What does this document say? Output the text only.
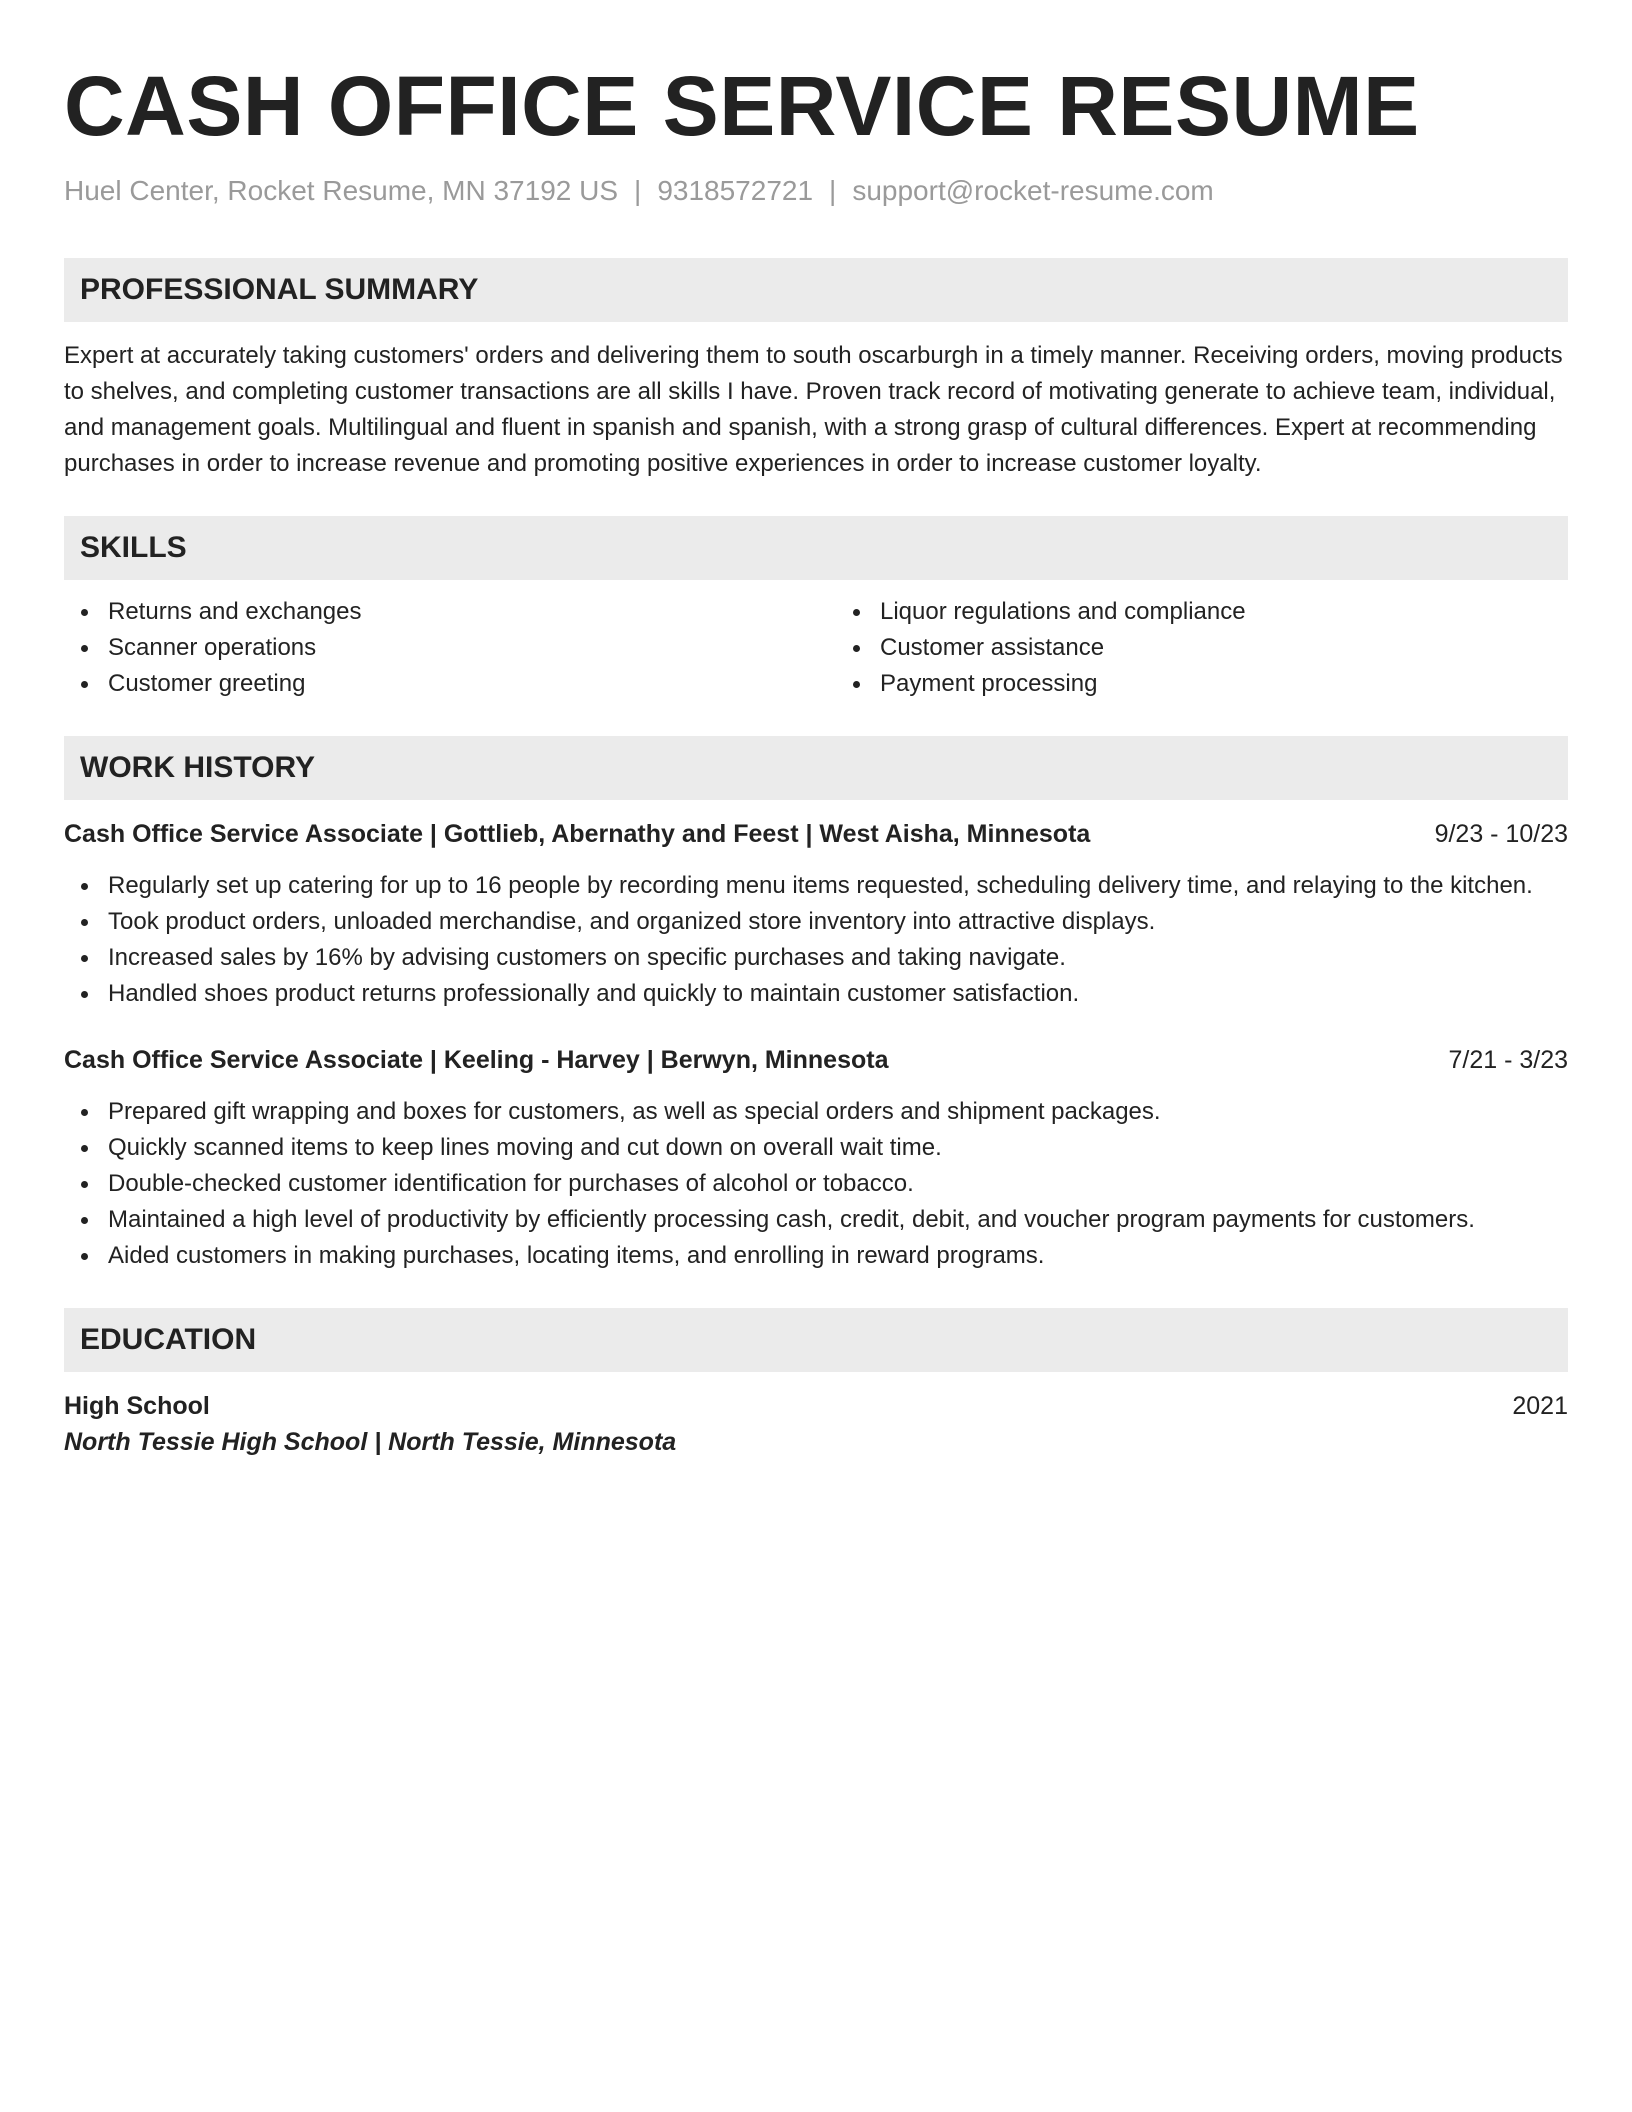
CASH OFFICE SERVICE RESUME
Huel Center, Rocket Resume, MN 37192 US | 9318572721 | support@rocket-resume.com
PROFESSIONAL SUMMARY

Expert at accurately taking customers' orders and delivering them to south oscarburgh in a timely manner. Receiving orders, moving products to shelves, and completing customer transactions are all skills I have. Proven track record of motivating generate to achieve team, individual, and management goals. Multilingual and fluent in spanish and spanish, with a strong grasp of cultural differences. Expert at recommending purchases in order to increase revenue and promoting positive experiences in order to increase customer loyalty.

SKILLS
Returns and exchanges
Scanner operations
Customer greeting
Liquor regulations and compliance
Customer assistance
Payment processing
WORK HISTORY
Cash Office Service Associate | Gottlieb, Abernathy and Feest | West Aisha, Minnesota	9/23 - 10/23
Regularly set up catering for up to 16 people by recording menu items requested, scheduling delivery time, and relaying to the kitchen.
Took product orders, unloaded merchandise, and organized store inventory into attractive displays.
Increased sales by 16% by advising customers on specific purchases and taking navigate.
Handled shoes product returns professionally and quickly to maintain customer satisfaction.
Cash Office Service Associate | Keeling - Harvey | Berwyn, Minnesota	7/21 - 3/23
Prepared gift wrapping and boxes for customers, as well as special orders and shipment packages.
Quickly scanned items to keep lines moving and cut down on overall wait time.
Double-checked customer identification for purchases of alcohol or tobacco.
Maintained a high level of productivity by efficiently processing cash, credit, debit, and voucher program payments for customers.
Aided customers in making purchases, locating items, and enrolling in reward programs.
EDUCATION
High School	2021
North Tessie High School | North Tessie, Minnesota
